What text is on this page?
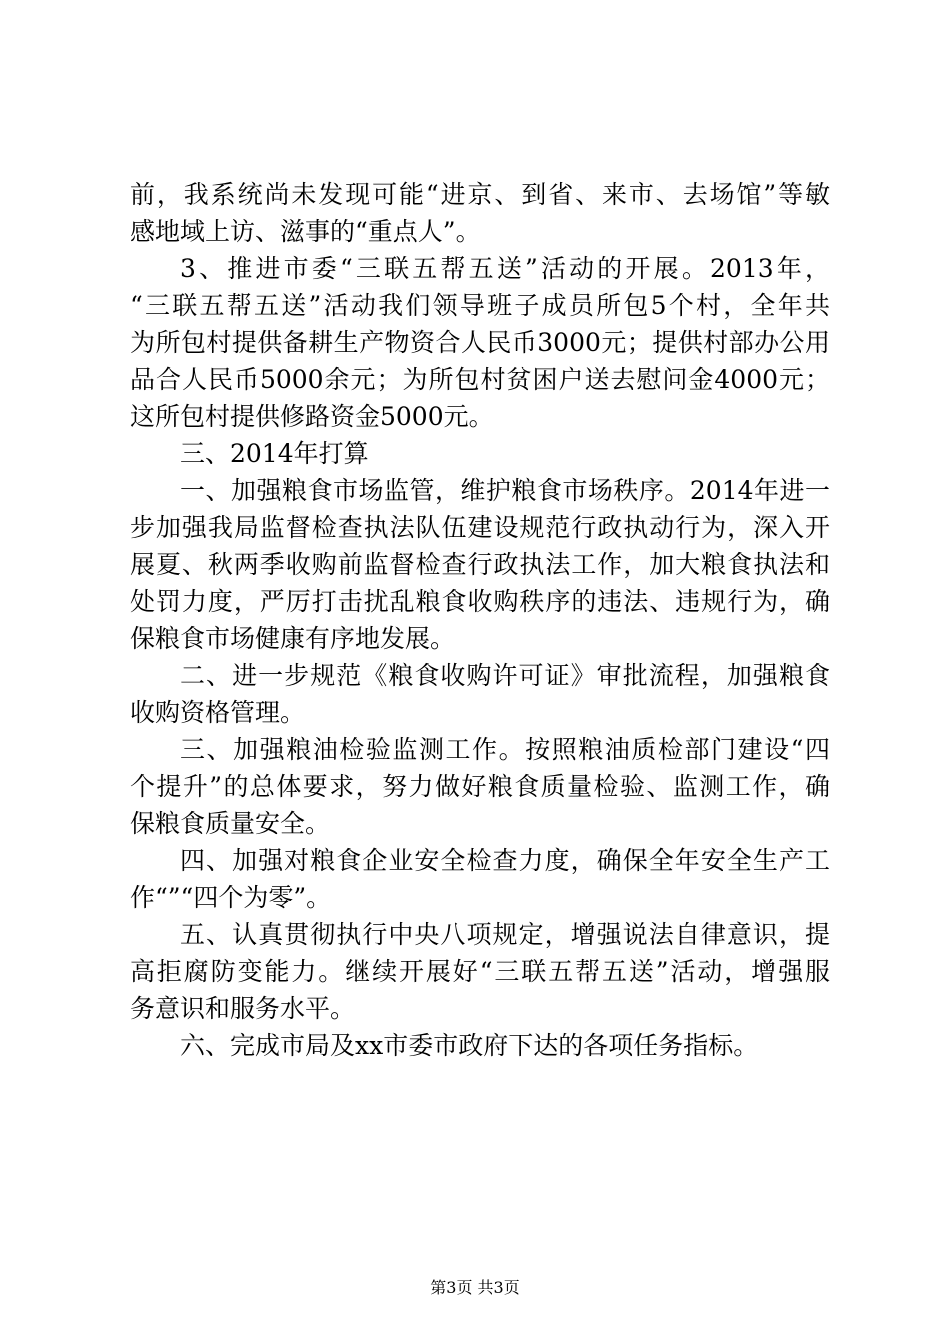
前，我系统尚未发现可能“进京、到省、来市、去场馆”等敏
感地域上访、滋事的“重点人”。
3、推进市委“三联五帮五送”活动的开展。2013年，
“三联五帮五送”活动我们领导班子成员所包5个村，全年共
为所包村提供备耕生产物资合人民币3000元；提供村部办公用
品合人民币5000余元；为所包村贫困户送去慰问金4000元；
这所包村提供修路资金5000元。
三、2014年打算
一、加强粮食市场监管，维护粮食市场秩序。2014年进一
步加强我局监督检查执法队伍建设规范行政执动行为，深入开
展夏、秋两季收购前监督检查行政执法工作，加大粮食执法和
处罚力度，严厉打击扰乱粮食收购秩序的违法、违规行为，确
保粮食市场健康有序地发展。
二、进一步规范《粮食收购许可证》审批流程，加强粮食
收购资格管理。
三、加强粮油检验监测工作。按照粮油质检部门建设“四
个提升”的总体要求，努力做好粮食质量检验、监测工作，确
保粮食质量安全。
四、加强对粮食企业安全检查力度，确保全年安全生产工
作“”“四个为零”。
五、认真贯彻执行中央八项规定，增强说法自律意识，提
高拒腐防变能力。继续开展好“三联五帮五送”活动，增强服
务意识和服务水平。
六、完成市局及xx市委市政府下达的各项任务指标。
第3页 共3页
